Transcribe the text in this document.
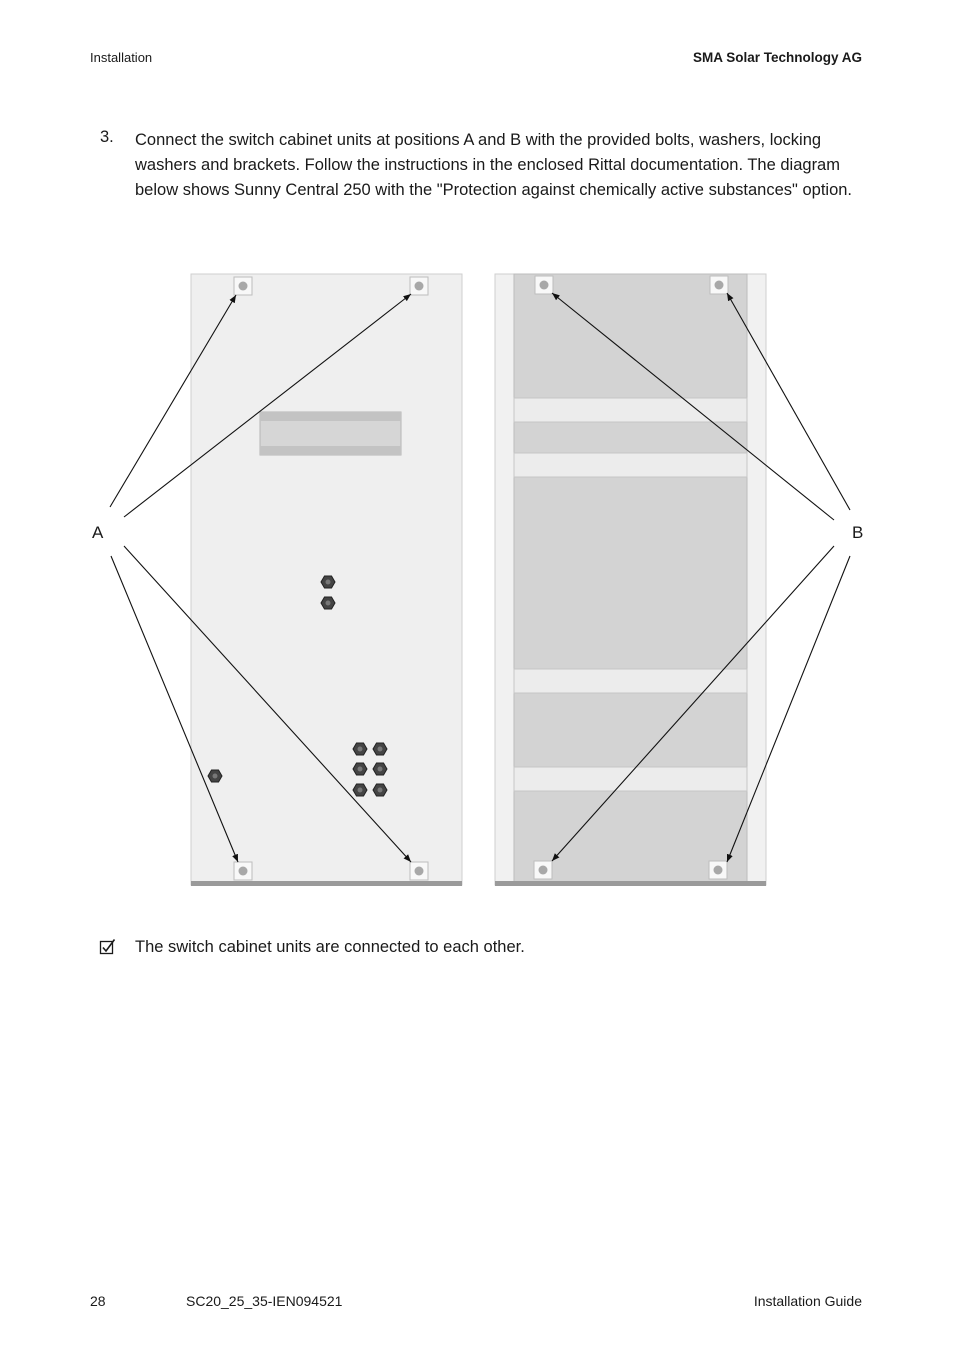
Installation	SMA Solar Technology AG
3. Connect the switch cabinet units at positions A and B with the provided bolts, washers, locking washers and brackets. Follow the instructions in the enclosed Rittal documentation. The diagram below shows Sunny Central 250 with the "Protection against chemically active substances" option.
A	B
The switch cabinet units are connected to each other.
28	SC20_25_35-IEN094521	Installation Guide
